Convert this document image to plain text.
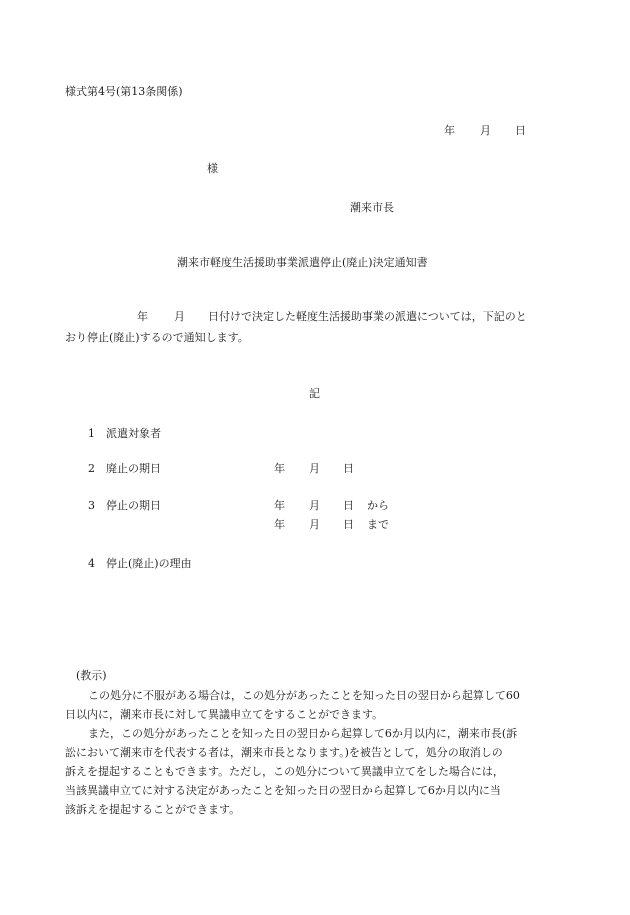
様式第4号(第13条関係)
年 月 日
様
潮来市長
潮来市軽度生活援助事業派遣停止(廃止)決定通知書
年 月 日付けで決定した軽度生活援助事業の派遣については，下記のと
おり停止(廃止)するので通知します。
記
1 派遣対象者
2 廃止の期日	年 月 日
3 停止の期日	年 月 日 から
年 月 日 まで
4 停止(廃止)の理由
(教示)
この処分に不服がある場合は，この処分があったことを知った日の翌日から起算して60
日以内に，潮来市長に対して異議申立てをすることができます。
また，この処分があったことを知った日の翌日から起算して6か月以内に，潮来市長(訴
訟において潮来市を代表する者は，潮来市長となります。)を被告として，処分の取消しの
訴えを提起することもできます。ただし，この処分について異議申立てをした場合には，
当該異議申立てに対する決定があったことを知った日の翌日から起算して6か月以内に当
該訴えを提起することができます。
